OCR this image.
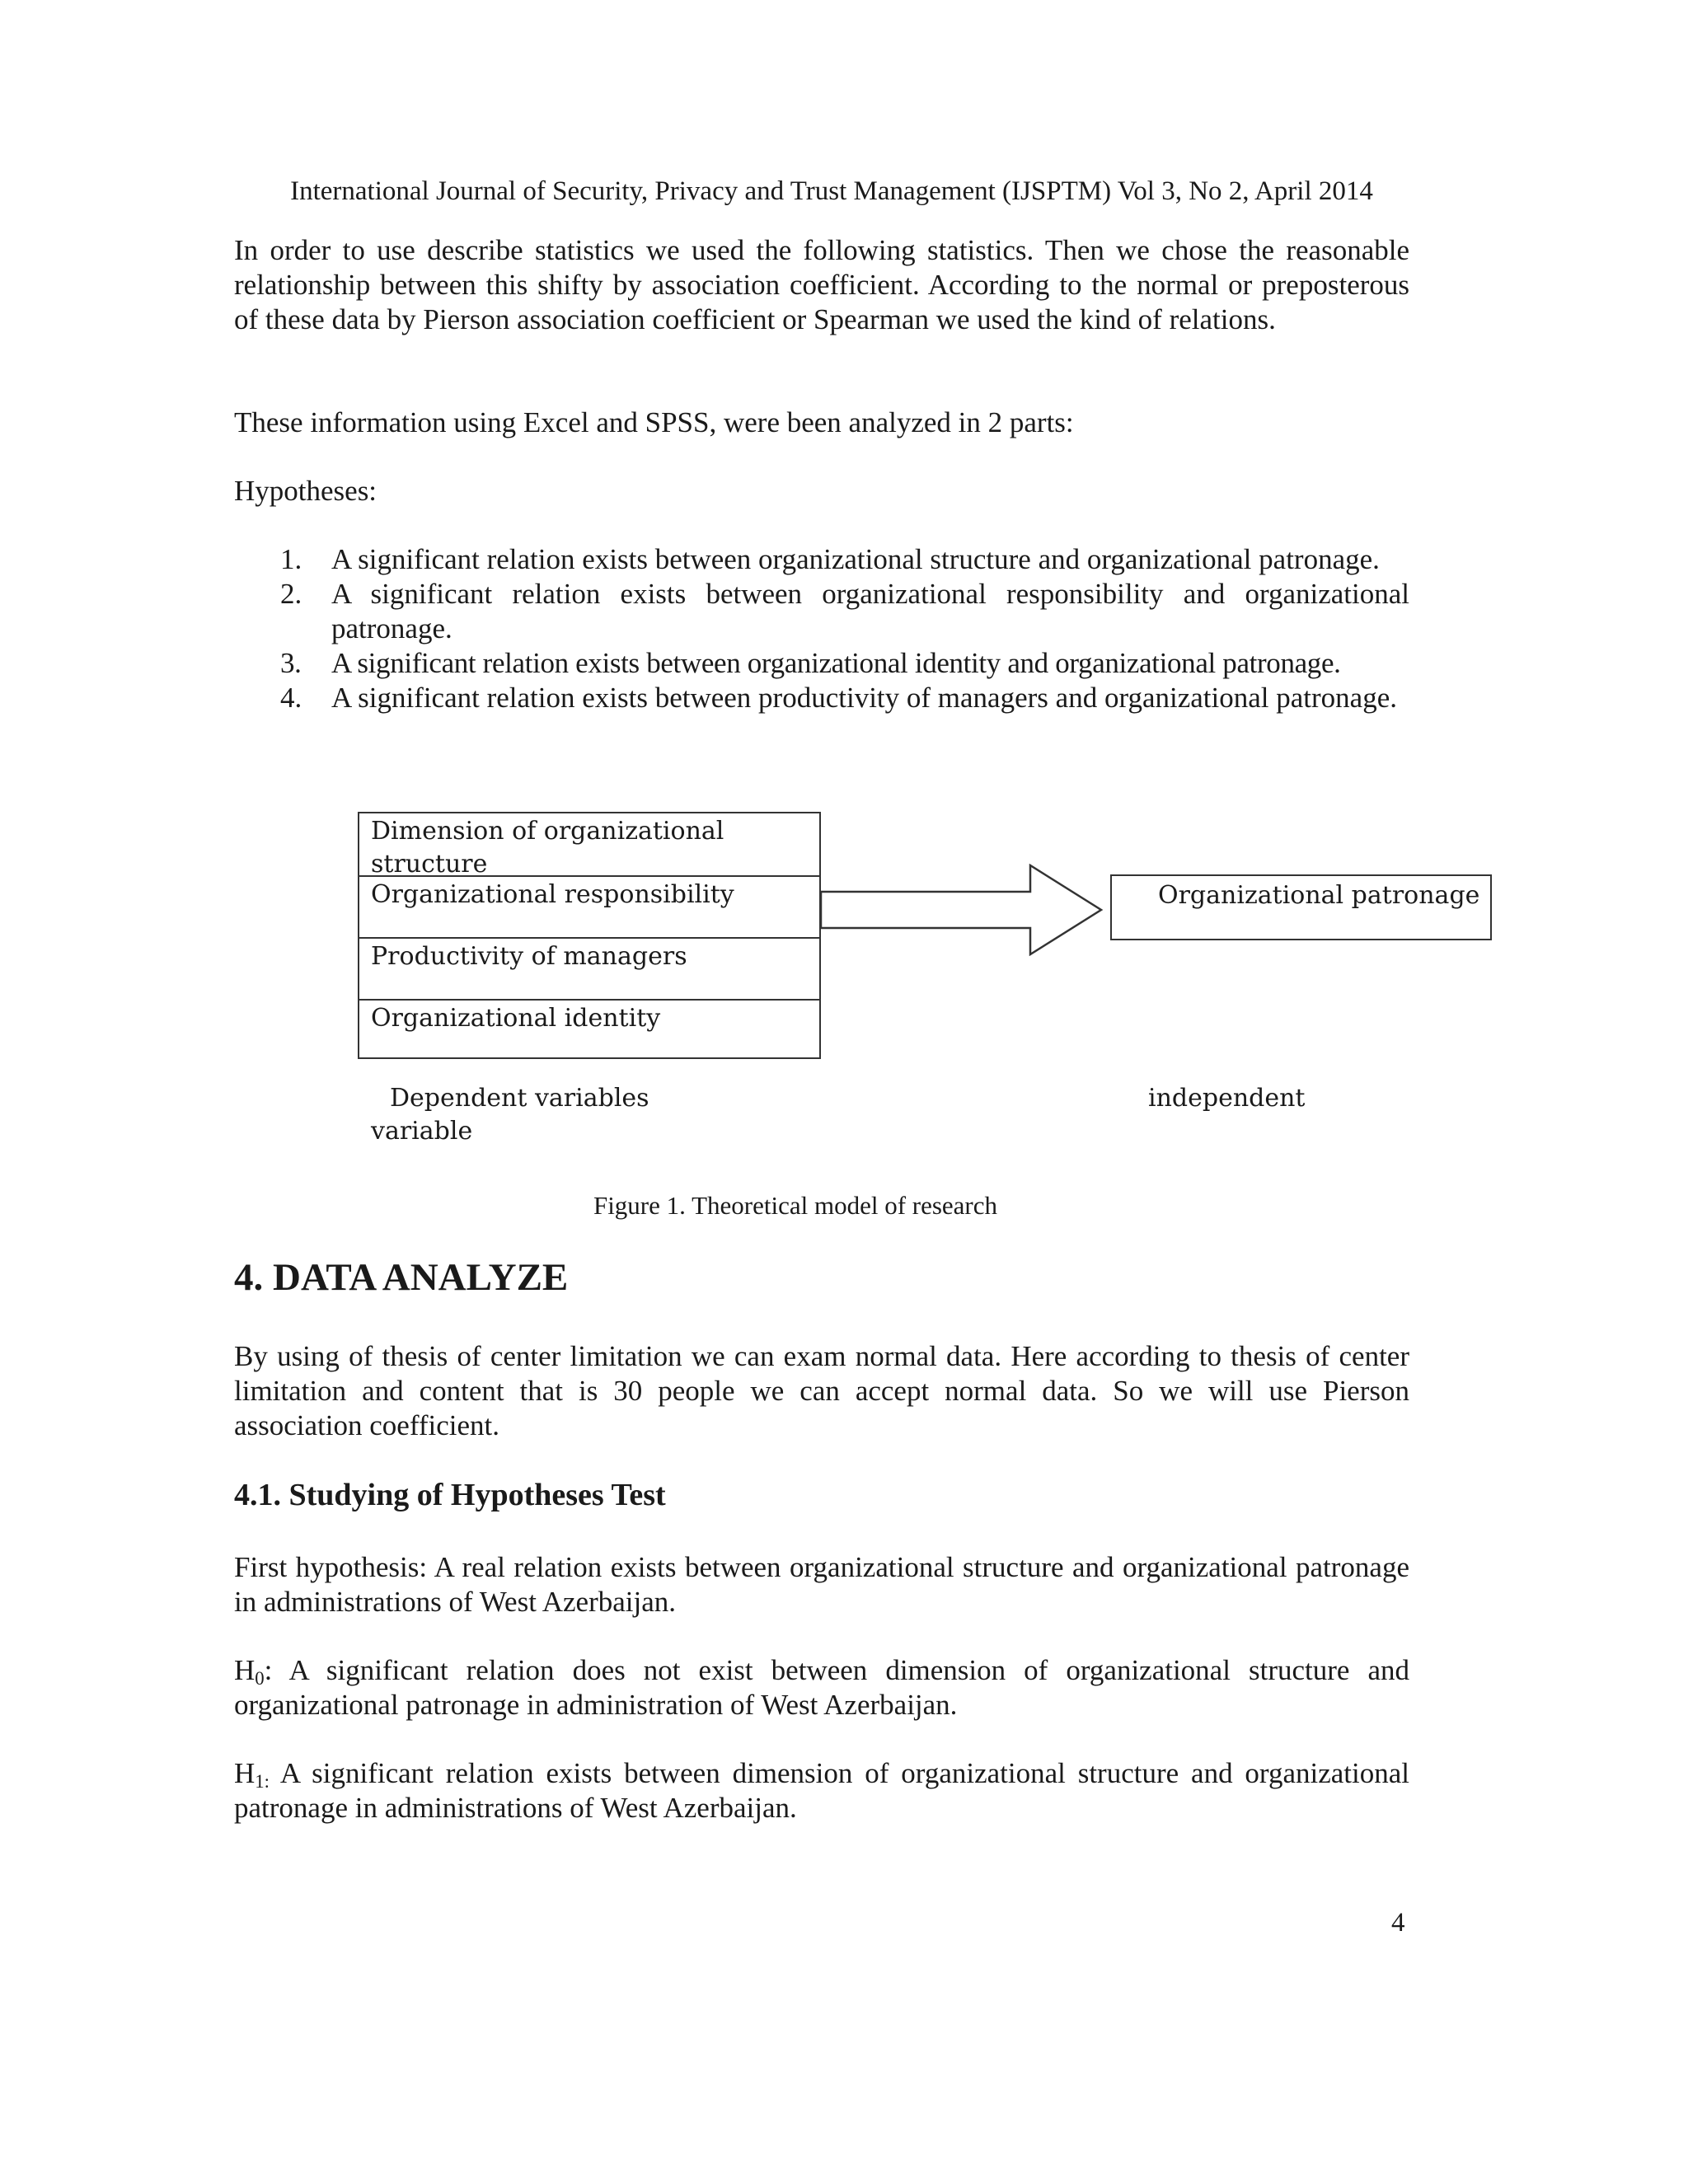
International Journal of Security, Privacy and Trust Management (IJSPTM) Vol 3, No 2, April 2014

In order to use describe statistics we used the following statistics. Then we chose the reasonable relationship between this shifty by association coefficient. According to the normal or preposterous of these data by Pierson association coefficient or Spearman we used the kind of relations.

These information using Excel and SPSS, were been analyzed in 2 parts:

Hypotheses:

1. A significant relation exists between organizational structure and organizational patronage.
2. A significant relation exists between organizational responsibility and organizational patronage.
3. A significant relation exists between organizational identity and organizational patronage.
4. A significant relation exists between productivity of managers and organizational patronage.
Dimension of organizational structure
Organizational responsibility
Productivity of managers
Organizational identity
Organizational patronage
Dependent variables
variable
independent
Figure 1. Theoretical model of research
4. DATA ANALYZE

By using of thesis of center limitation we can exam normal data. Here according to thesis of center limitation and content that is 30 people we can accept normal data. So we will use Pierson association coefficient.

4.1. Studying of Hypotheses Test

First hypothesis: A real relation exists between organizational structure and organizational patronage in administrations of West Azerbaijan.

$H_0$: A significant relation does not exist between dimension of organizational structure and organizational patronage in administration of West Azerbaijan.

$H_{1:}$ A significant relation exists between dimension of organizational structure and organizational patronage in administrations of West Azerbaijan.

4
